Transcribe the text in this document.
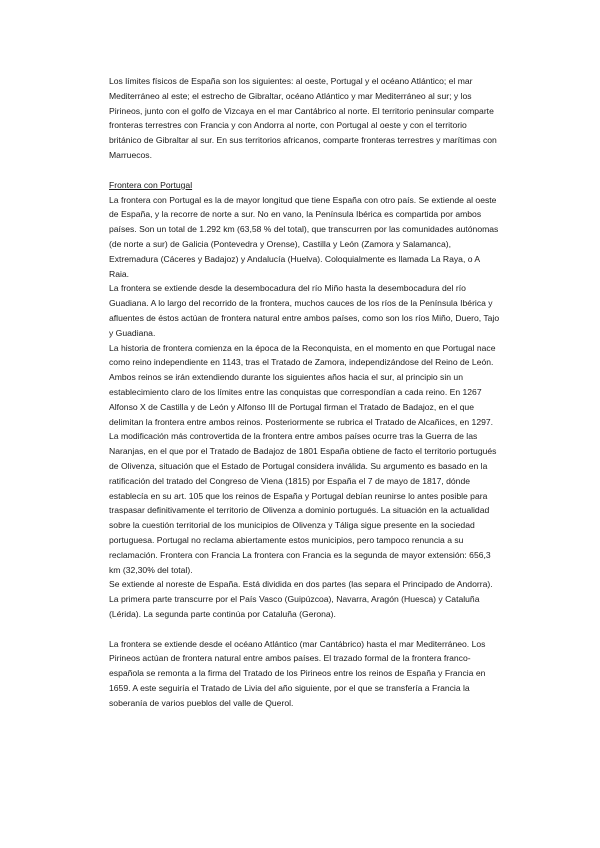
Los límites físicos de España son los siguientes: al oeste, Portugal y el océano Atlántico; el mar Mediterráneo al este; el estrecho de Gibraltar, océano Atlántico y mar Mediterráneo al sur; y los Pirineos, junto con el golfo de Vizcaya en el mar Cantábrico al norte. El territorio peninsular comparte fronteras terrestres con Francia y con Andorra al norte, con Portugal al oeste y con el territorio británico de Gibraltar al sur. En sus territorios africanos, comparte fronteras terrestres y marítimas con Marruecos.

Frontera con Portugal

La frontera con Portugal es la de mayor longitud que tiene España con otro país. Se extiende al oeste de España, y la recorre de norte a sur. No en vano, la Península Ibérica es compartida por ambos países. Son un total de 1.292 km (63,58 % del total), que transcurren por las comunidades autónomas (de norte a sur) de Galicia (Pontevedra y Orense), Castilla y León (Zamora y Salamanca), Extremadura (Cáceres y Badajoz) y Andalucía (Huelva). Coloquialmente es llamada La Raya, o A Raia.

La frontera se extiende desde la desembocadura del río Miño hasta la desembocadura del río Guadiana. A lo largo del recorrido de la frontera, muchos cauces de los ríos de la Península Ibérica y afluentes de éstos actúan de frontera natural entre ambos países, como son los ríos Miño, Duero, Tajo y Guadiana.

La historia de frontera comienza en la época de la Reconquista, en el momento en que Portugal nace como reino independiente en 1143, tras el Tratado de Zamora, independizándose del Reino de León. Ambos reinos se irán extendiendo durante los siguientes años hacia el sur, al principio sin un establecimiento claro de los límites entre las conquistas que correspondían a cada reino. En 1267 Alfonso X de Castilla y de León y Alfonso III de Portugal firman el Tratado de Badajoz, en el que delimitan la frontera entre ambos reinos. Posteriormente se rubrica el Tratado de Alcañices, en 1297. La modificación más controvertida de la frontera entre ambos países ocurre tras la Guerra de las Naranjas, en el que por el Tratado de Badajoz de 1801 España obtiene de facto el territorio portugués de Olivenza, situación que el Estado de Portugal considera inválida. Su argumento es basado en la ratificación del tratado del Congreso de Viena (1815) por España el 7 de mayo de 1817, dónde establecía en su art. 105 que los reinos de España y Portugal debían reunirse lo antes posible para traspasar definitivamente el territorio de Olivenza a dominio portugués. La situación en la actualidad sobre la cuestión territorial de los municipios de Olivenza y Táliga sigue presente en la sociedad portuguesa. Portugal no reclama abiertamente estos municipios, pero tampoco renuncia a su reclamación. Frontera con Francia La frontera con Francia es la segunda de mayor extensión: 656,3 km (32,30% del total).

Se extiende al noreste de España. Está dividida en dos partes (las separa el Principado de Andorra). La primera parte transcurre por el País Vasco (Guipúzcoa), Navarra, Aragón (Huesca) y Cataluña (Lérida). La segunda parte continúa por Cataluña (Gerona).

La frontera se extiende desde el océano Atlántico (mar Cantábrico) hasta el mar Mediterráneo. Los Pirineos actúan de frontera natural entre ambos países. El trazado formal de la frontera franco-española se remonta a la firma del Tratado de los Pirineos entre los reinos de España y Francia en 1659. A este seguiría el Tratado de Livia del año siguiente, por el que se transfería a Francia la soberanía de varios pueblos del valle de Querol.
